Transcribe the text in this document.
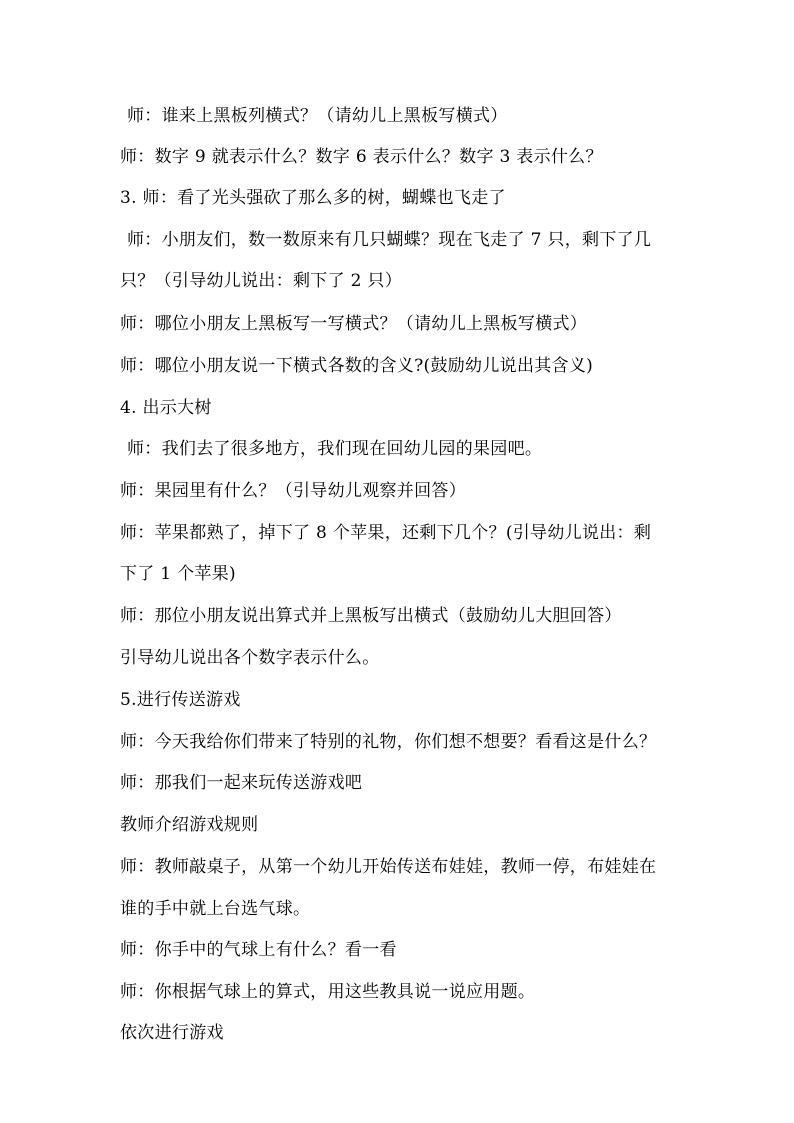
师：谁来上黑板列横式？（请幼儿上黑板写横式）
师：数字 9 就表示什么？数字 6 表示什么？数字 3 表示什么？
3. 师：看了光头强砍了那么多的树，蝴蝶也飞走了
师：小朋友们，数一数原来有几只蝴蝶？现在飞走了 7 只，剩下了几
只？（引导幼儿说出：剩下了 2 只）
师：哪位小朋友上黑板写一写横式？（请幼儿上黑板写横式）
师：哪位小朋友说一下横式各数的含义?(鼓励幼儿说出其含义)
4. 出示大树
师：我们去了很多地方，我们现在回幼儿园的果园吧。
师：果园里有什么？（引导幼儿观察并回答）
师：苹果都熟了，掉下了 8 个苹果，还剩下几个？(引导幼儿说出：剩
下了 1 个苹果)
师：那位小朋友说出算式并上黑板写出横式（鼓励幼儿大胆回答）
引导幼儿说出各个数字表示什么。
5.进行传送游戏
师：今天我给你们带来了特别的礼物，你们想不想要？看看这是什么？
师：那我们一起来玩传送游戏吧
教师介绍游戏规则
师：教师敲桌子，从第一个幼儿开始传送布娃娃，教师一停，布娃娃在
谁的手中就上台选气球。
师：你手中的气球上有什么？看一看
师：你根据气球上的算式，用这些教具说一说应用题。
依次进行游戏
